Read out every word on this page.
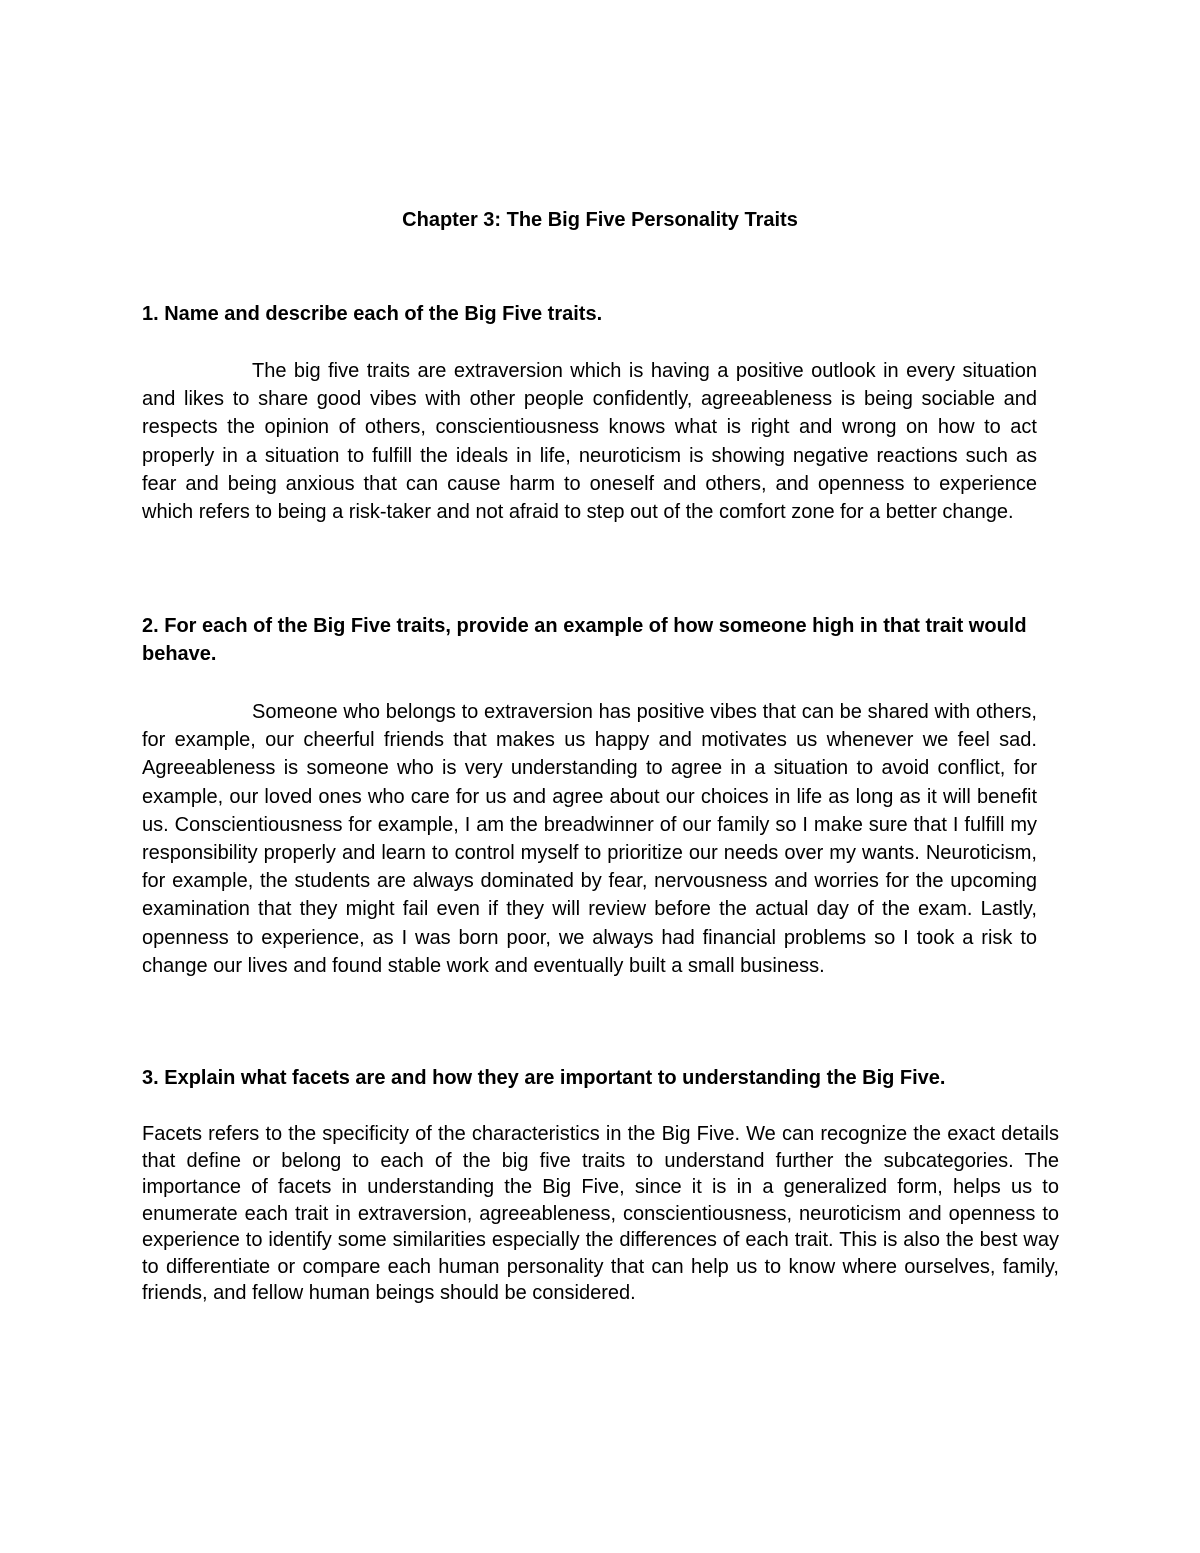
Chapter 3: The Big Five Personality Traits

1. Name and describe each of the Big Five traits.

The big five traits are extraversion which is having a positive outlook in every situation and likes to share good vibes with other people confidently, agreeableness is being sociable and respects the opinion of others, conscientiousness knows what is right and wrong on how to act properly in a situation to fulfill the ideals in life, neuroticism is showing negative reactions such as fear and being anxious that can cause harm to oneself and others, and openness to experience which refers to being a risk-taker and not afraid to step out of the comfort zone for a better change.

2. For each of the Big Five traits, provide an example of how someone high in that trait would behave.

Someone who belongs to extraversion has positive vibes that can be shared with others, for example, our cheerful friends that makes us happy and motivates us whenever we feel sad. Agreeableness is someone who is very understanding to agree in a situation to avoid conflict, for example, our loved ones who care for us and agree about our choices in life as long as it will benefit us. Conscientiousness for example, I am the breadwinner of our family so I make sure that I fulfill my responsibility properly and learn to control myself to prioritize our needs over my wants. Neuroticism, for example, the students are always dominated by fear, nervousness and worries for the upcoming examination that they might fail even if they will review before the actual day of the exam. Lastly, openness to experience, as I was born poor, we always had financial problems so I took a risk to change our lives and found stable work and eventually built a small business.

3. Explain what facets are and how they are important to understanding the Big Five.

Facets refers to the specificity of the characteristics in the Big Five. We can recognize the exact details that define or belong to each of the big five traits to understand further the subcategories. The importance of facets in understanding the Big Five, since it is in a generalized form, helps us to enumerate each trait in extraversion, agreeableness, conscientiousness, neuroticism and openness to experience to identify some similarities especially the differences of each trait. This is also the best way to differentiate or compare each human personality that can help us to know where ourselves, family, friends, and fellow human beings should be considered.
